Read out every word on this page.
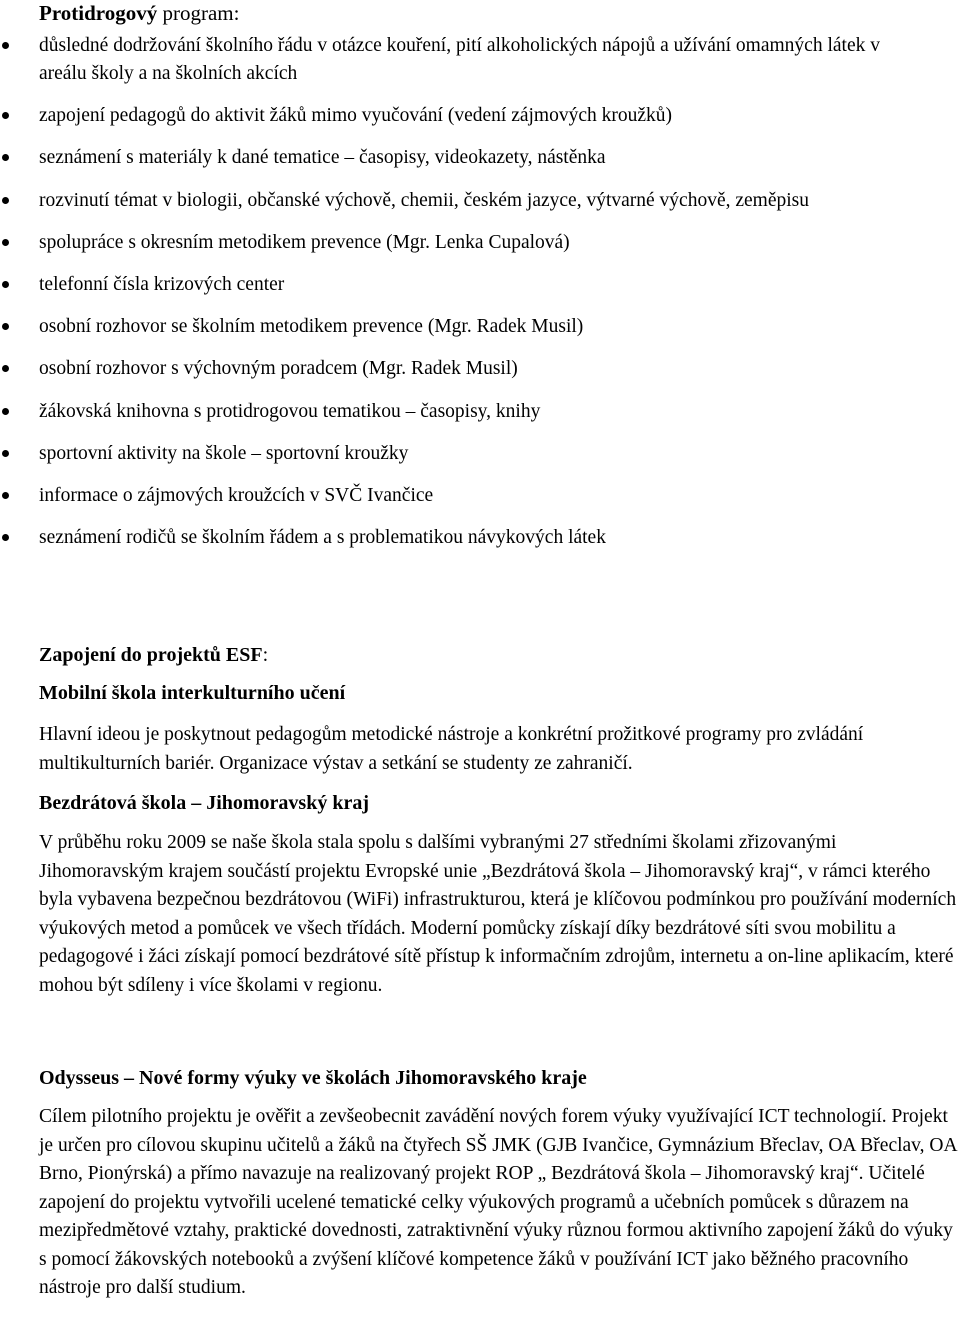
Protidrogový program:
důsledné dodržování školního řádu v otázce kouření, pití alkoholických nápojů a užívání omamných látek v areálu školy a na školních akcích
zapojení pedagogů do aktivit žáků mimo vyučování (vedení zájmových kroužků)
seznámení s materiály k dané tematice – časopisy, videokazety, nástěnka
rozvinutí témat v biologii, občanské výchově, chemii, českém jazyce, výtvarné výchově, zeměpisu
spolupráce s okresním metodikem prevence (Mgr. Lenka Cupalová)
telefonní čísla krizových center
osobní rozhovor se školním metodikem prevence (Mgr. Radek Musil)
osobní rozhovor s výchovným poradcem (Mgr. Radek Musil)
žákovská knihovna s protidrogovou tematikou – časopisy, knihy
sportovní aktivity na škole – sportovní kroužky
informace o zájmových kroužcích v SVČ Ivančice
seznámení rodičů se školním řádem a s problematikou návykových látek
Zapojení do projektů ESF:
Mobilní škola interkulturního učení

Hlavní ideou je poskytnout pedagogům metodické nástroje a konkrétní prožitkové programy pro zvládání multikulturních bariér. Organizace výstav a setkání se studenty ze zahraničí.

Bezdrátová škola – Jihomoravský kraj

V průběhu roku 2009 se naše škola stala spolu s dalšími vybranými 27 středními školami zřizovanými Jihomoravským krajem součástí projektu Evropské unie „Bezdrátová škola – Jihomoravský kraj“, v rámci kterého byla vybavena bezpečnou bezdrátovou (WiFi) infrastrukturou, která je klíčovou podmínkou pro používání moderních výukových metod a pomůcek ve všech třídách. Moderní pomůcky získají díky bezdrátové síti svou mobilitu a pedagogové i žáci získají pomocí bezdrátové sítě přístup k informačním zdrojům, internetu a on-line aplikacím, které mohou být sdíleny i více školami v regionu.

Odysseus – Nové formy výuky ve školách Jihomoravského kraje

Cílem pilotního projektu je ověřit a zevšeobecnit zavádění nových forem výuky využívající ICT technologií. Projekt je určen pro cílovou skupinu učitelů a žáků na čtyřech SŠ JMK (GJB Ivančice, Gymnázium Břeclav, OA Břeclav, OA Brno, Pionýrská) a přímo navazuje na realizovaný projekt ROP „ Bezdrátová škola – Jihomoravský kraj“. Učitelé zapojení do projektu vytvořili ucelené tematické celky výukových programů a učebních pomůcek s důrazem na mezipředmětové vztahy, praktické dovednosti, zatraktivnění výuky různou formou aktivního zapojení žáků do výuky s pomocí žákovských notebooků a zvýšení klíčové kompetence žáků v používání ICT jako běžného pracovního nástroje pro další studium.
